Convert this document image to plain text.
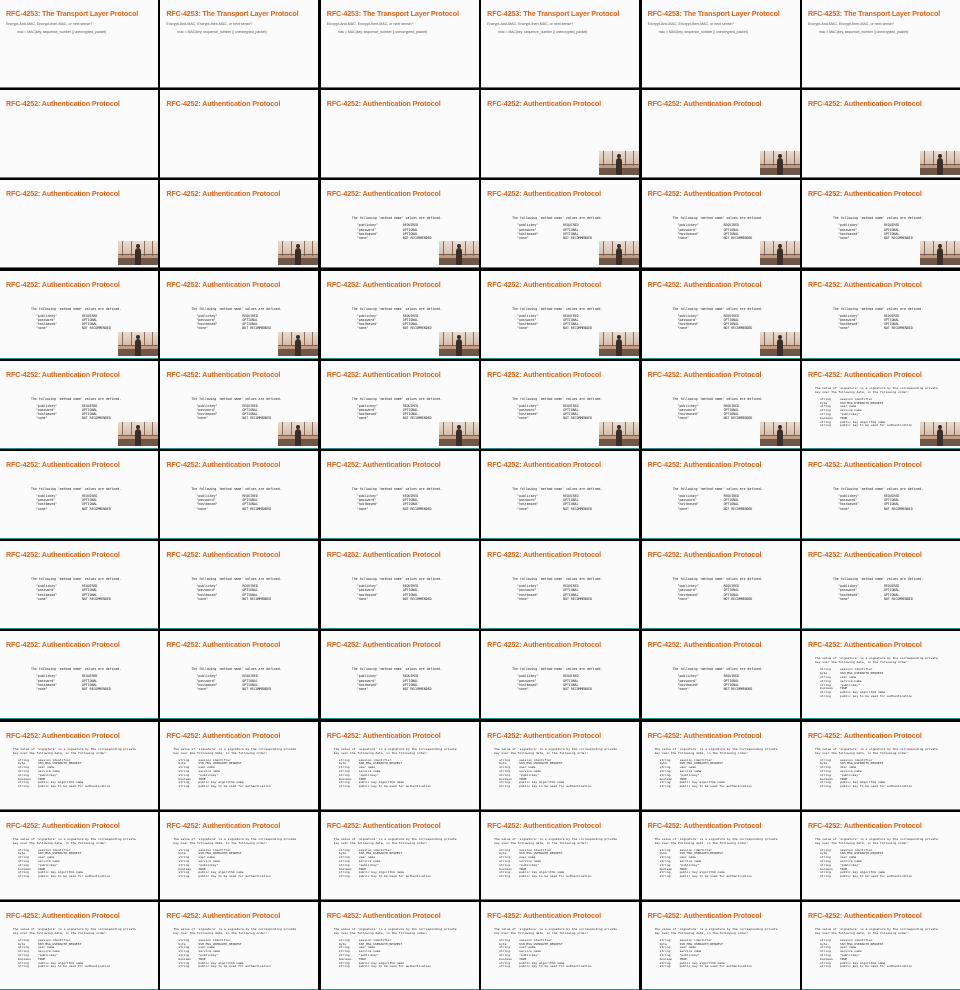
RFC-4253: The Transport Layer Protocol
Encrypt-And-MAC, Encrypt-then-MAC, or next sense?
mac = MAC(key, sequence_number || unencrypted_packet)
RFC-4253: The Transport Layer Protocol
Encrypt-And-MAC, Encrypt-then-MAC, or next sense?
mac = MAC(key, sequence_number || unencrypted_packet)
RFC-4253: The Transport Layer Protocol
Encrypt-And-MAC, Encrypt-then-MAC, or next sense?
mac = MAC(key, sequence_number || unencrypted_packet)
RFC-4253: The Transport Layer Protocol
Encrypt-And-MAC, Encrypt-then-MAC, or next sense?
mac = MAC(key, sequence_number || unencrypted_packet)
RFC-4253: The Transport Layer Protocol
Encrypt-And-MAC, Encrypt-then-MAC, or next sense?
mac = MAC(key, sequence_number || unencrypted_packet)
RFC-4253: The Transport Layer Protocol
Encrypt-And-MAC, Encrypt-then-MAC, or next sense?
mac = MAC(key, sequence_number || unencrypted_packet)
RFC-4252: Authentication Protocol	RFC-4252: Authentication Protocol	RFC-4252: Authentication Protocol	RFC-4252: Authentication Protocol	RFC-4252: Authentication Protocol	RFC-4252: Authentication Protocol
RFC-4252: Authentication Protocol	RFC-4252: Authentication Protocol	RFC-4252: Authentication Protocol
The following 'method name' values are defined.
"publickey"	REQUIRED
"password"	OPTIONAL
"hostbased"	OPTIONAL
"none"	NOT RECOMMENDED
RFC-4252: Authentication Protocol
The following 'method name' values are defined.
"publickey"	REQUIRED
"password"	OPTIONAL
"hostbased"	OPTIONAL
"none"	NOT RECOMMENDED
RFC-4252: Authentication Protocol
The following 'method name' values are defined.
"publickey"	REQUIRED
"password"	OPTIONAL
"hostbased"	OPTIONAL
"none"	NOT RECOMMENDED
RFC-4252: Authentication Protocol
The following 'method name' values are defined.
"publickey"	REQUIRED
"password"	OPTIONAL
"hostbased"	OPTIONAL
"none"	NOT RECOMMENDED
RFC-4252: Authentication Protocol
The following 'method name' values are defined.
"publickey"	REQUIRED
"password"	OPTIONAL
"hostbased"	OPTIONAL
"none"	NOT RECOMMENDED
RFC-4252: Authentication Protocol
The following 'method name' values are defined.
"publickey"	REQUIRED
"password"	OPTIONAL
"hostbased"	OPTIONAL
"none"	NOT RECOMMENDED
RFC-4252: Authentication Protocol
The following 'method name' values are defined.
"publickey"	REQUIRED
"password"	OPTIONAL
"hostbased"	OPTIONAL
"none"	NOT RECOMMENDED
RFC-4252: Authentication Protocol
The following 'method name' values are defined.
"publickey"	REQUIRED
"password"	OPTIONAL
"hostbased"	OPTIONAL
"none"	NOT RECOMMENDED
RFC-4252: Authentication Protocol
The following 'method name' values are defined.
"publickey"	REQUIRED
"password"	OPTIONAL
"hostbased"	OPTIONAL
"none"	NOT RECOMMENDED
RFC-4252: Authentication Protocol
The following 'method name' values are defined.
"publickey"	REQUIRED
"password"	OPTIONAL
"hostbased"	OPTIONAL
"none"	NOT RECOMMENDED
RFC-4252: Authentication Protocol
The following 'method name' values are defined.
"publickey"	REQUIRED
"password"	OPTIONAL
"hostbased"	OPTIONAL
"none"	NOT RECOMMENDED
RFC-4252: Authentication Protocol
The following 'method name' values are defined.
"publickey"	REQUIRED
"password"	OPTIONAL
"hostbased"	OPTIONAL
"none"	NOT RECOMMENDED
RFC-4252: Authentication Protocol
The following 'method name' values are defined.
"publickey"	REQUIRED
"password"	OPTIONAL
"hostbased"	OPTIONAL
"none"	NOT RECOMMENDED
RFC-4252: Authentication Protocol
The following 'method name' values are defined.
"publickey"	REQUIRED
"password"	OPTIONAL
"hostbased"	OPTIONAL
"none"	NOT RECOMMENDED
RFC-4252: Authentication Protocol
The following 'method name' values are defined.
"publickey"	REQUIRED
"password"	OPTIONAL
"hostbased"	OPTIONAL
"none"	NOT RECOMMENDED
RFC-4252: Authentication Protocol
The value of 'signature' is a signature by the corresponding private
key over the following data, in the following order:
string	session identifier
byte	SSH_MSG_USERAUTH_REQUEST
string	user name
string	service name
string	"publickey"
boolean TRUE
string	public key algorithm name
string	public key to be used for authentication
RFC-4252: Authentication Protocol
The following 'method name' values are defined.
"publickey"	REQUIRED
"password"	OPTIONAL
"hostbased"	OPTIONAL
"none"	NOT RECOMMENDED
RFC-4252: Authentication Protocol
The following 'method name' values are defined.
"publickey"	REQUIRED
"password"	OPTIONAL
"hostbased"	OPTIONAL
"none"	NOT RECOMMENDED
RFC-4252: Authentication Protocol
The following 'method name' values are defined.
"publickey"	REQUIRED
"password"	OPTIONAL
"hostbased"	OPTIONAL
"none"	NOT RECOMMENDED
RFC-4252: Authentication Protocol
The following 'method name' values are defined.
"publickey"	REQUIRED
"password"	OPTIONAL
"hostbased"	OPTIONAL
"none"	NOT RECOMMENDED
RFC-4252: Authentication Protocol
The following 'method name' values are defined.
"publickey"	REQUIRED
"password"	OPTIONAL
"hostbased"	OPTIONAL
"none"	NOT RECOMMENDED
RFC-4252: Authentication Protocol
The following 'method name' values are defined.
"publickey"	REQUIRED
"password"	OPTIONAL
"hostbased"	OPTIONAL
"none"	NOT RECOMMENDED
RFC-4252: Authentication Protocol
The following 'method name' values are defined.
"publickey"	REQUIRED
"password"	OPTIONAL
"hostbased"	OPTIONAL
"none"	NOT RECOMMENDED
RFC-4252: Authentication Protocol
The following 'method name' values are defined.
"publickey"	REQUIRED
"password"	OPTIONAL
"hostbased"	OPTIONAL
"none"	NOT RECOMMENDED
RFC-4252: Authentication Protocol
The following 'method name' values are defined.
"publickey"	REQUIRED
"password"	OPTIONAL
"hostbased"	OPTIONAL
"none"	NOT RECOMMENDED
RFC-4252: Authentication Protocol
The following 'method name' values are defined.
"publickey"	REQUIRED
"password"	OPTIONAL
"hostbased"	OPTIONAL
"none"	NOT RECOMMENDED
RFC-4252: Authentication Protocol
The following 'method name' values are defined.
"publickey"	REQUIRED
"password"	OPTIONAL
"hostbased"	OPTIONAL
"none"	NOT RECOMMENDED
RFC-4252: Authentication Protocol
The following 'method name' values are defined.
"publickey"	REQUIRED
"password"	OPTIONAL
"hostbased"	OPTIONAL
"none"	NOT RECOMMENDED
RFC-4252: Authentication Protocol
The following 'method name' values are defined.
"publickey"	REQUIRED
"password"	OPTIONAL
"hostbased"	OPTIONAL
"none"	NOT RECOMMENDED
RFC-4252: Authentication Protocol
The following 'method name' values are defined.
"publickey"	REQUIRED
"password"	OPTIONAL
"hostbased"	OPTIONAL
"none"	NOT RECOMMENDED
RFC-4252: Authentication Protocol
The following 'method name' values are defined.
"publickey"	REQUIRED
"password"	OPTIONAL
"hostbased"	OPTIONAL
"none"	NOT RECOMMENDED
RFC-4252: Authentication Protocol
The following 'method name' values are defined.
"publickey"	REQUIRED
"password"	OPTIONAL
"hostbased"	OPTIONAL
"none"	NOT RECOMMENDED
RFC-4252: Authentication Protocol
The following 'method name' values are defined.
"publickey"	REQUIRED
"password"	OPTIONAL
"hostbased"	OPTIONAL
"none"	NOT RECOMMENDED
RFC-4252: Authentication Protocol
The value of 'signature' is a signature by the corresponding private
key over the following data, in the following order:
string	session identifier
byte	SSH_MSG_USERAUTH_REQUEST
string	user name
string	service name
string	"publickey"
boolean TRUE
string	public key algorithm name
string	public key to be used for authentication
RFC-4252: Authentication Protocol
The value of 'signature' is a signature by the corresponding private
key over the following data, in the following order:
string	session identifier
byte	SSH_MSG_USERAUTH_REQUEST
string	user name
string	service name
string	"publickey"
boolean TRUE
string	public key algorithm name
string	public key to be used for authentication
RFC-4252: Authentication Protocol
The value of 'signature' is a signature by the corresponding private
key over the following data, in the following order:
string	session identifier
byte	SSH_MSG_USERAUTH_REQUEST
string	user name
string	service name
string	"publickey"
boolean TRUE
string	public key algorithm name
string	public key to be used for authentication
RFC-4252: Authentication Protocol
The value of 'signature' is a signature by the corresponding private
key over the following data, in the following order:
string	session identifier
byte	SSH_MSG_USERAUTH_REQUEST
string	user name
string	service name
string	"publickey"
boolean TRUE
string	public key algorithm name
string	public key to be used for authentication
RFC-4252: Authentication Protocol
The value of 'signature' is a signature by the corresponding private
key over the following data, in the following order:
string	session identifier
byte	SSH_MSG_USERAUTH_REQUEST
string	user name
string	service name
string	"publickey"
boolean TRUE
string	public key algorithm name
string	public key to be used for authentication
RFC-4252: Authentication Protocol
The value of 'signature' is a signature by the corresponding private
key over the following data, in the following order:
string	session identifier
byte	SSH_MSG_USERAUTH_REQUEST
string	user name
string	service name
string	"publickey"
boolean TRUE
string	public key algorithm name
string	public key to be used for authentication
RFC-4252: Authentication Protocol
The value of 'signature' is a signature by the corresponding private
key over the following data, in the following order:
string	session identifier
byte	SSH_MSG_USERAUTH_REQUEST
string	user name
string	service name
string	"publickey"
boolean TRUE
string	public key algorithm name
string	public key to be used for authentication
RFC-4252: Authentication Protocol
The value of 'signature' is a signature by the corresponding private
key over the following data, in the following order:
string	session identifier
byte	SSH_MSG_USERAUTH_REQUEST
string	user name
string	service name
string	"publickey"
boolean TRUE
string	public key algorithm name
string	public key to be used for authentication
RFC-4252: Authentication Protocol
The value of 'signature' is a signature by the corresponding private
key over the following data, in the following order:
string	session identifier
byte	SSH_MSG_USERAUTH_REQUEST
string	user name
string	service name
string	"publickey"
boolean TRUE
string	public key algorithm name
string	public key to be used for authentication
RFC-4252: Authentication Protocol
The value of 'signature' is a signature by the corresponding private
key over the following data, in the following order:
string	session identifier
byte	SSH_MSG_USERAUTH_REQUEST
string	user name
string	service name
string	"publickey"
boolean TRUE
string	public key algorithm name
string	public key to be used for authentication
RFC-4252: Authentication Protocol
The value of 'signature' is a signature by the corresponding private
key over the following data, in the following order:
string	session identifier
byte	SSH_MSG_USERAUTH_REQUEST
string	user name
string	service name
string	"publickey"
boolean TRUE
string	public key algorithm name
string	public key to be used for authentication
RFC-4252: Authentication Protocol
The value of 'signature' is a signature by the corresponding private
key over the following data, in the following order:
string	session identifier
byte	SSH_MSG_USERAUTH_REQUEST
string	user name
string	service name
string	"publickey"
boolean TRUE
string	public key algorithm name
string	public key to be used for authentication
RFC-4252: Authentication Protocol
The value of 'signature' is a signature by the corresponding private
key over the following data, in the following order:
string	session identifier
byte	SSH_MSG_USERAUTH_REQUEST
string	user name
string	service name
string	"publickey"
boolean TRUE
string	public key algorithm name
string	public key to be used for authentication
RFC-4252: Authentication Protocol
The value of 'signature' is a signature by the corresponding private
key over the following data, in the following order:
string	session identifier
byte	SSH_MSG_USERAUTH_REQUEST
string	user name
string	service name
string	"publickey"
boolean TRUE
string	public key algorithm name
string	public key to be used for authentication
RFC-4252: Authentication Protocol
The value of 'signature' is a signature by the corresponding private
key over the following data, in the following order:
string	session identifier
byte	SSH_MSG_USERAUTH_REQUEST
string	user name
string	service name
string	"publickey"
boolean TRUE
string	public key algorithm name
string	public key to be used for authentication
RFC-4252: Authentication Protocol
The value of 'signature' is a signature by the corresponding private
key over the following data, in the following order:
string	session identifier
byte	SSH_MSG_USERAUTH_REQUEST
string	user name
string	service name
string	"publickey"
boolean TRUE
string	public key algorithm name
string	public key to be used for authentication
RFC-4252: Authentication Protocol
The value of 'signature' is a signature by the corresponding private
key over the following data, in the following order:
string	session identifier
byte	SSH_MSG_USERAUTH_REQUEST
string	user name
string	service name
string	"publickey"
boolean TRUE
string	public key algorithm name
string	public key to be used for authentication
RFC-4252: Authentication Protocol
The value of 'signature' is a signature by the corresponding private
key over the following data, in the following order:
string	session identifier
byte	SSH_MSG_USERAUTH_REQUEST
string	user name
string	service name
string	"publickey"
boolean TRUE
string	public key algorithm name
string	public key to be used for authentication
RFC-4252: Authentication Protocol
The value of 'signature' is a signature by the corresponding private
key over the following data, in the following order:
string	session identifier
byte	SSH_MSG_USERAUTH_REQUEST
string	user name
string	service name
string	"publickey"
boolean TRUE
string	public key algorithm name
string	public key to be used for authentication
